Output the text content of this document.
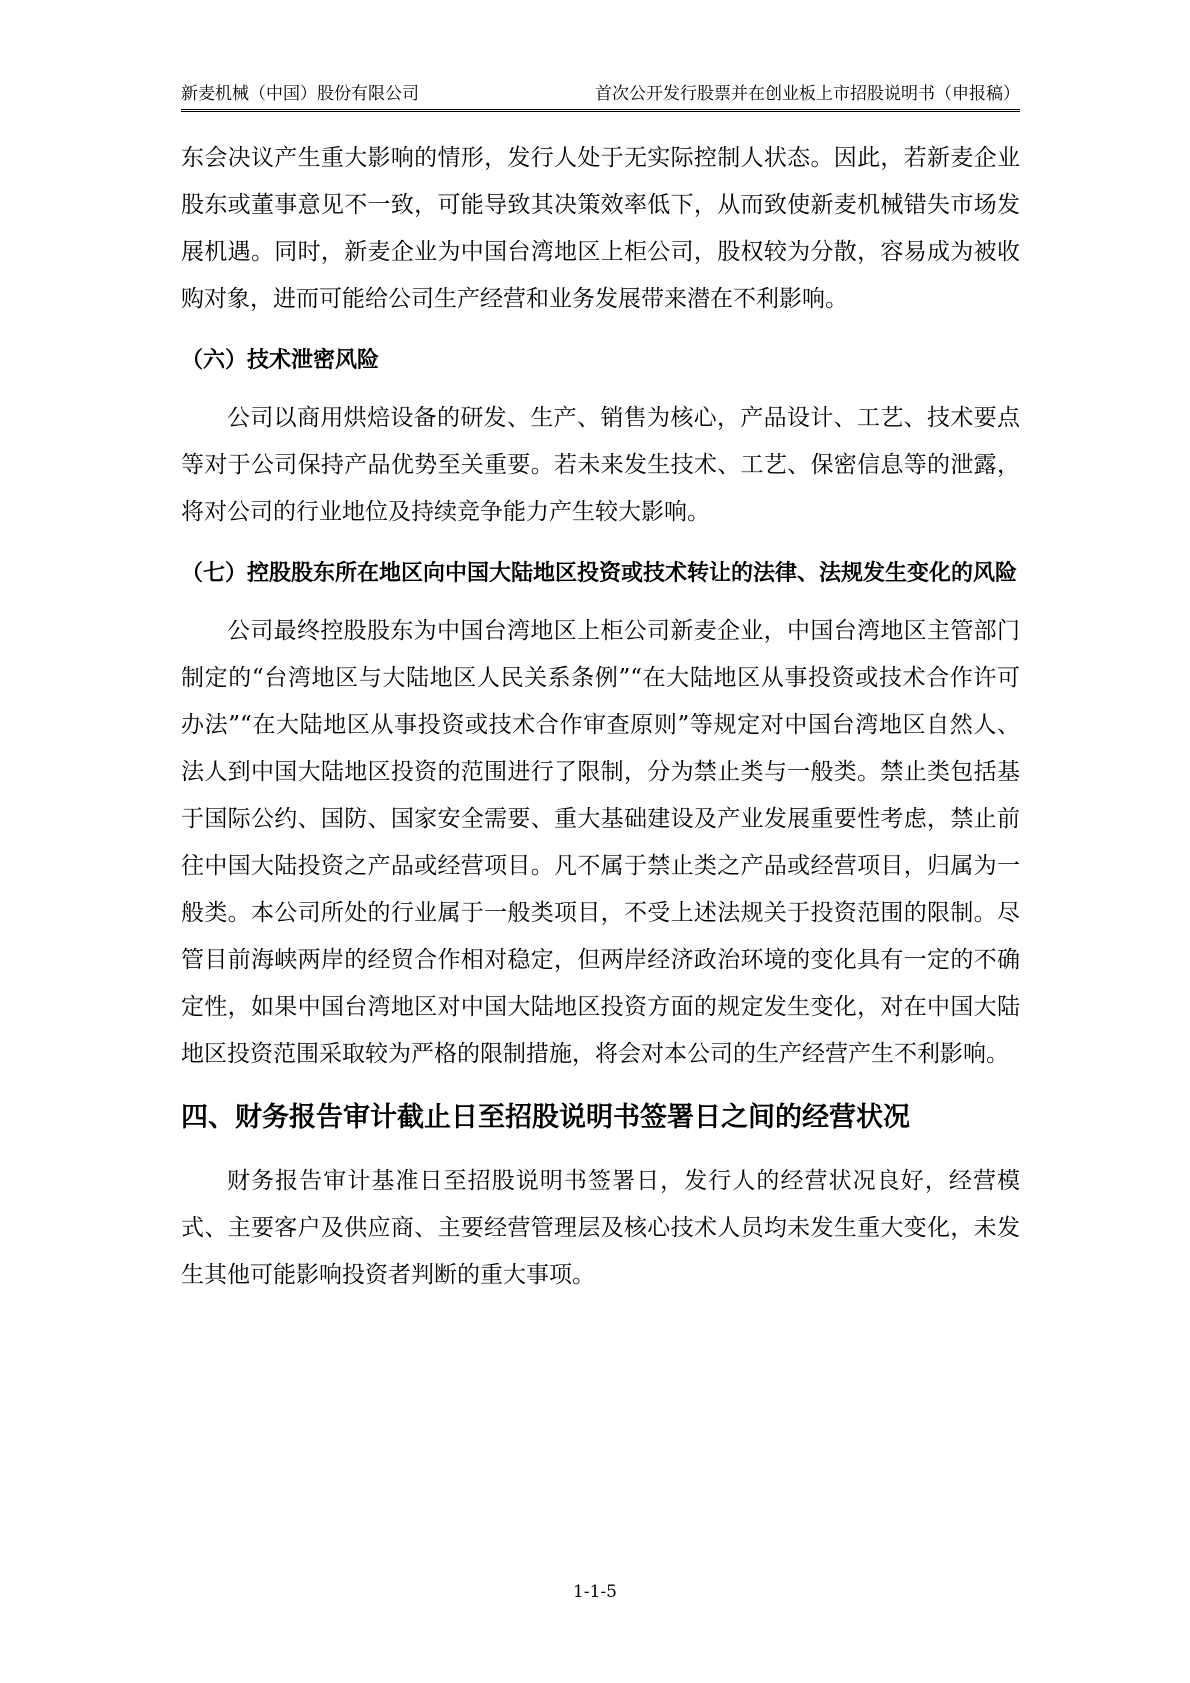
新麦机械（中国）股份有限公司	首次公开发行股票并在创业板上市招股说明书（申报稿）

东会决议产生重大影响的情形，发行人处于无实际控制人状态。因此，若新麦企业股东或董事意见不一致，可能导致其决策效率低下，从而致使新麦机械错失市场发展机遇。同时，新麦企业为中国台湾地区上柜公司，股权较为分散，容易成为被收购对象，进而可能给公司生产经营和业务发展带来潜在不利影响。

（六）技术泄密风险

公司以商用烘焙设备的研发、生产、销售为核心，产品设计、工艺、技术要点等对于公司保持产品优势至关重要。若未来发生技术、工艺、保密信息等的泄露，将对公司的行业地位及持续竞争能力产生较大影响。

（七）控股股东所在地区向中国大陆地区投资或技术转让的法律、法规发生变化的风险

公司最终控股股东为中国台湾地区上柜公司新麦企业，中国台湾地区主管部门制定的“台湾地区与大陆地区人民关系条例”“在大陆地区从事投资或技术合作许可办法”“在大陆地区从事投资或技术合作审查原则”等规定对中国台湾地区自然人、法人到中国大陆地区投资的范围进行了限制，分为禁止类与一般类。禁止类包括基于国际公约、国防、国家安全需要、重大基础建设及产业发展重要性考虑，禁止前往中国大陆投资之产品或经营项目。凡不属于禁止类之产品或经营项目，归属为一般类。本公司所处的行业属于一般类项目，不受上述法规关于投资范围的限制。尽管目前海峡两岸的经贸合作相对稳定，但两岸经济政治环境的变化具有一定的不确定性，如果中国台湾地区对中国大陆地区投资方面的规定发生变化，对在中国大陆地区投资范围采取较为严格的限制措施，将会对本公司的生产经营产生不利影响。

四、财务报告审计截止日至招股说明书签署日之间的经营状况

财务报告审计基准日至招股说明书签署日，发行人的经营状况良好，经营模式、主要客户及供应商、主要经营管理层及核心技术人员均未发生重大变化，未发生其他可能影响投资者判断的重大事项。

1-1-5
